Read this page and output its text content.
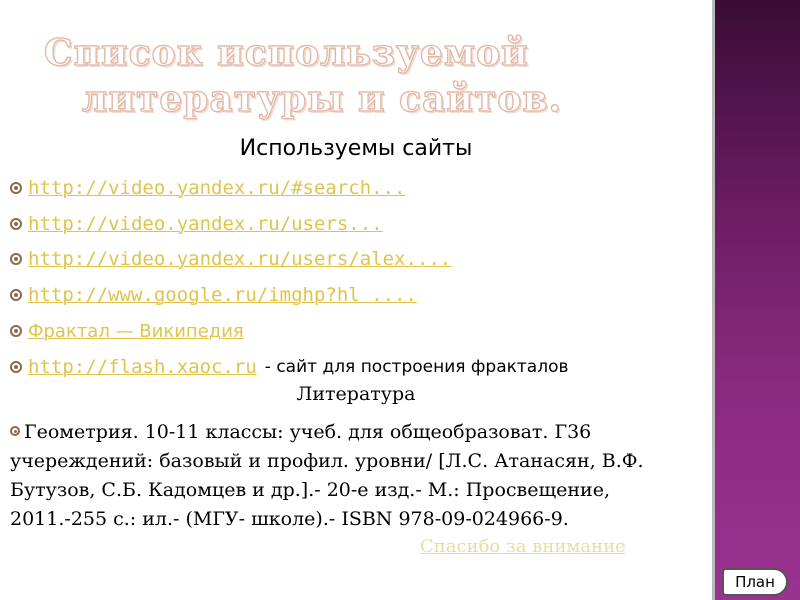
Список используемой
литературы и сайтов.
Используемы сайты
http://video.yandex.ru/#search...
http://video.yandex.ru/users...
http://video.yandex.ru/users/alex....
http://www.google.ru/imghp?hl ....
Фрактал — Википедия
http://flash.xaoc.ru - сайт для построения фракталов
Литература
Геометрия. 10-11 классы: учеб. для общеобразоват. Г36 учереждений: базовый и профил. уровни/ [Л.С. Атанасян, В.Ф. Бутузов, С.Б. Кадомцев и др.].- 20-е изд.- М.: Просвещение, 2011.-255 с.: ил.- (МГУ- школе).- ISBN 978-09-024966-9.
Спасибо за внимание
План
